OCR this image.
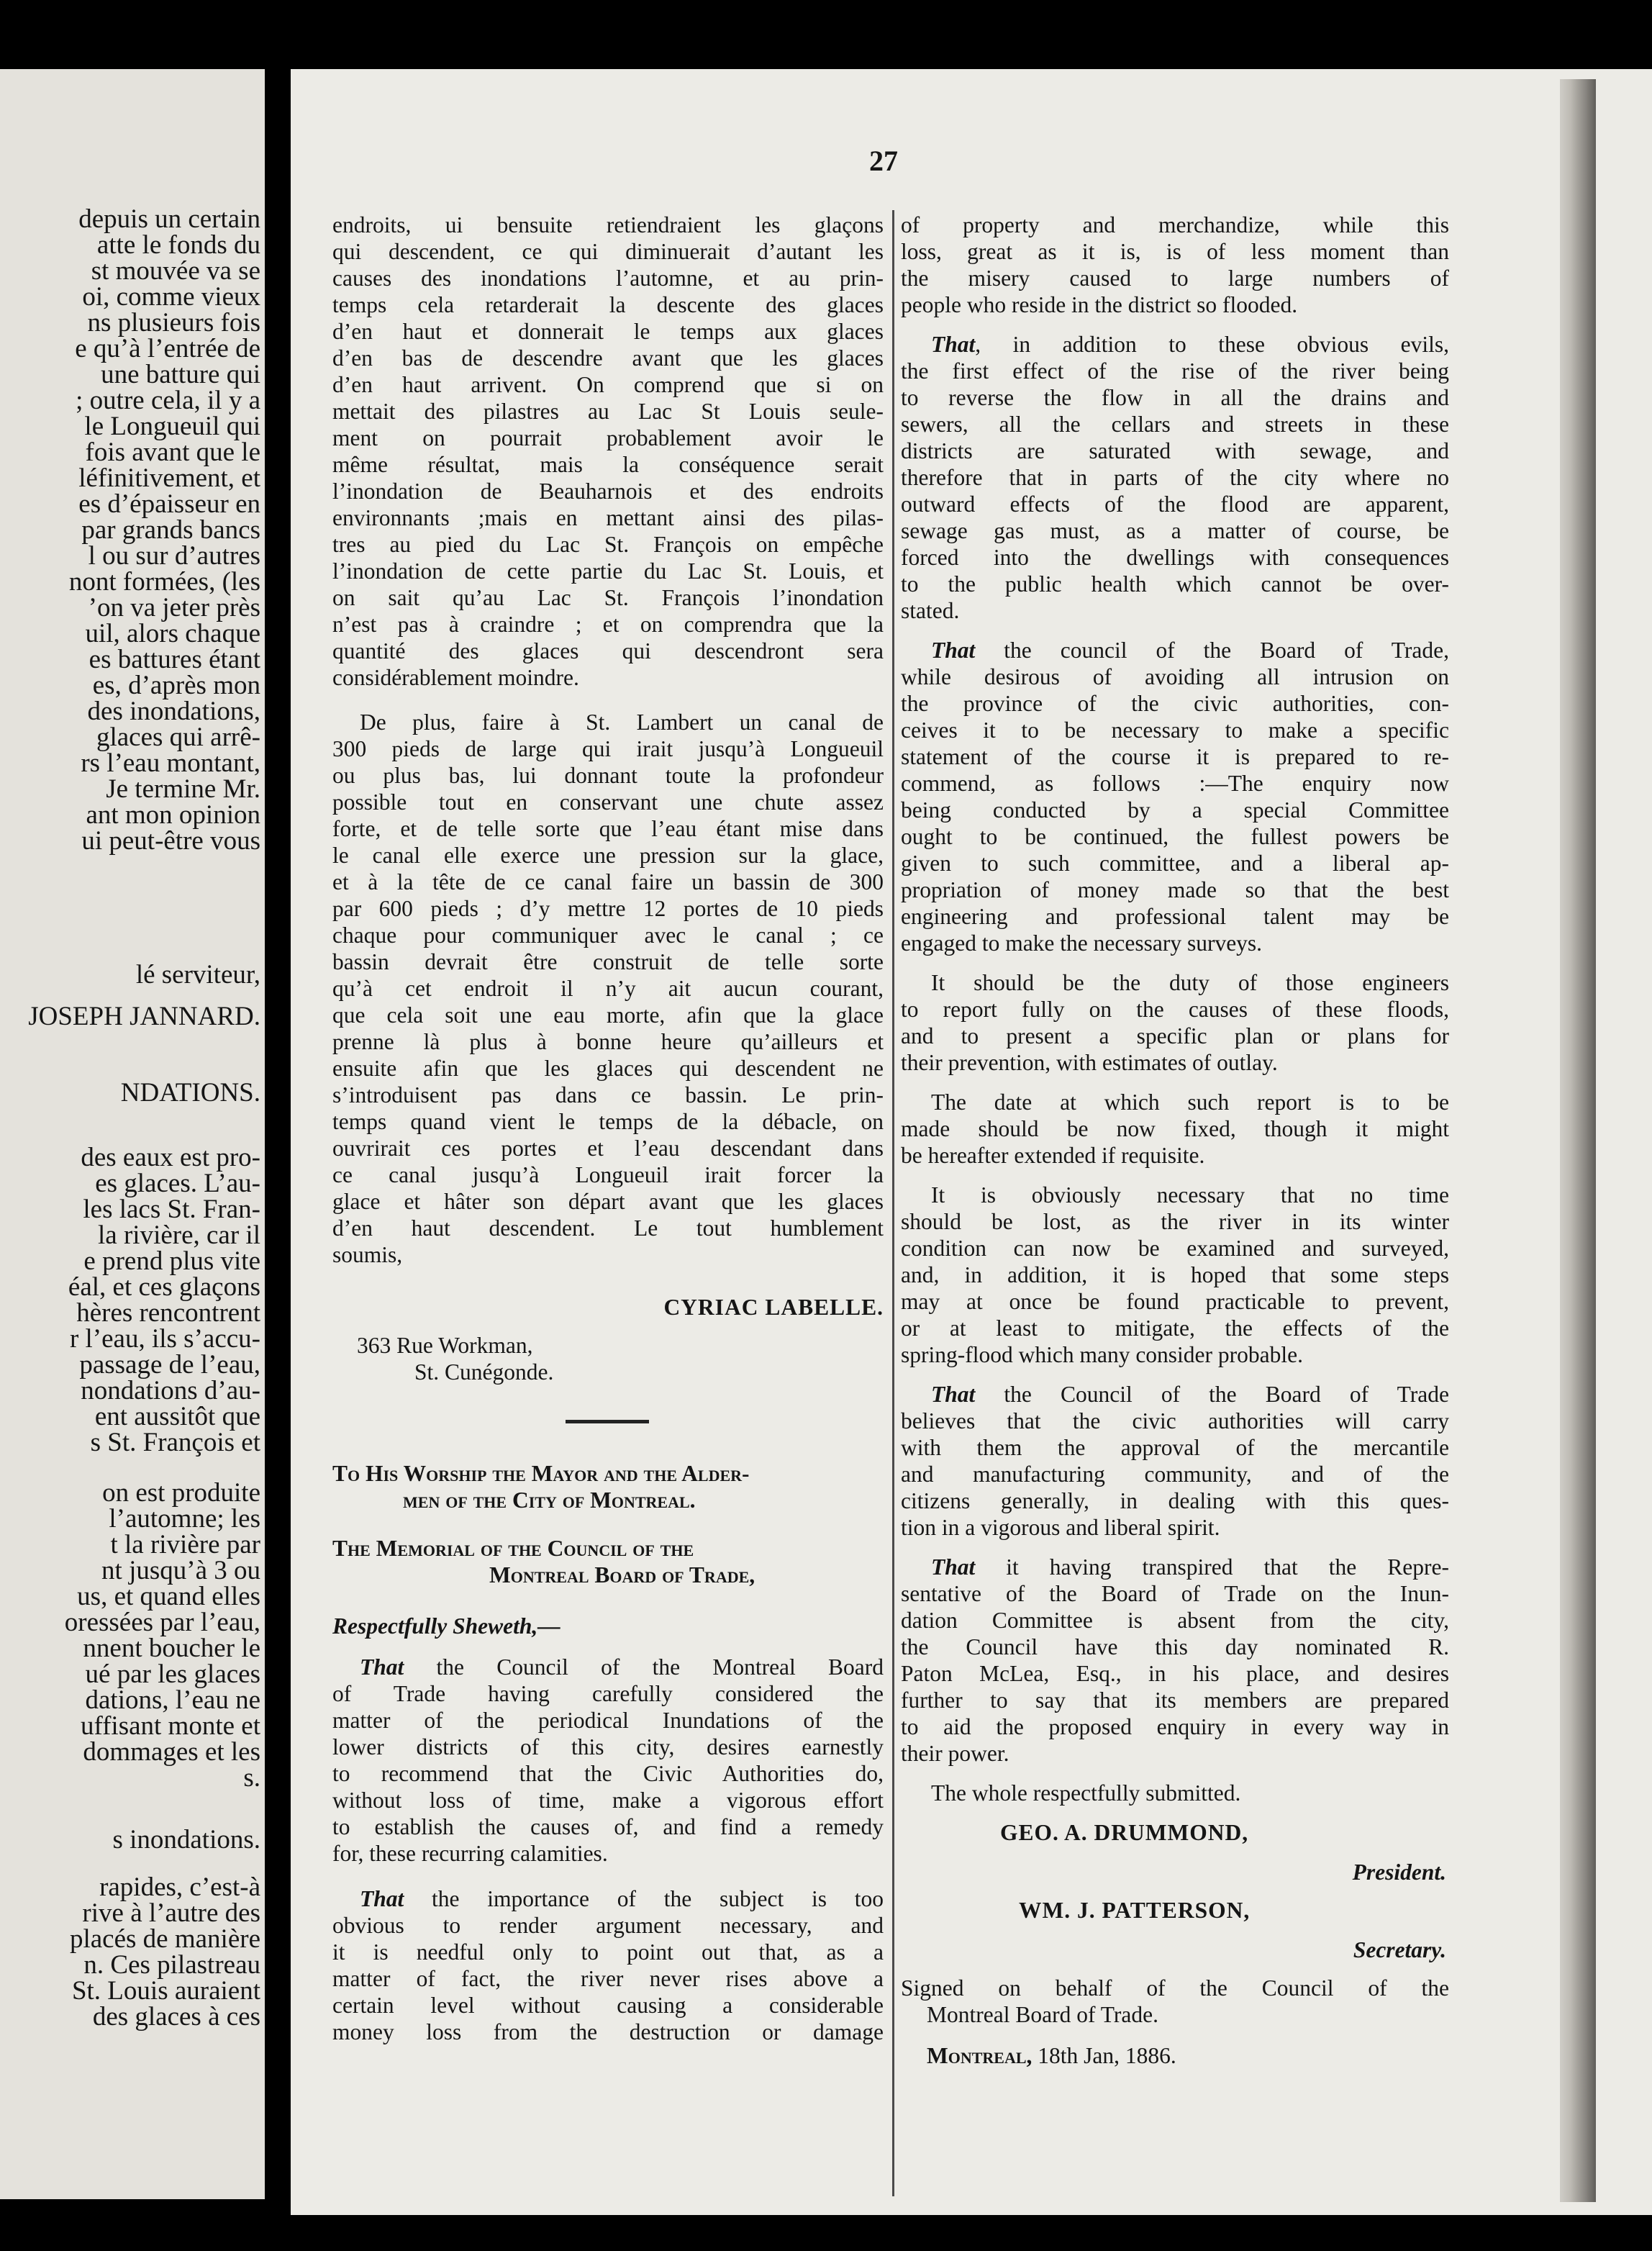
depuis un certain
atte le fonds du
st mouvée va se
oi, comme vieux
ns plusieurs fois
e qu’à l’entrée de
une batture qui
; outre cela, il y a
le Longueuil qui
fois avant que le
léfinitivement, et
es d’épaisseur en
par grands bancs
l ou sur d’autres
nont formées, (les
’on va jeter près
uil, alors chaque
es battures étant
es, d’après mon
des inondations,
glaces qui arrê-
rs l’eau montant,
Je termine Mr.
ant mon opinion
ui peut-être vous
lé serviteur,
JOSEPH JANNARD.
NDATIONS.
des eaux est pro-
es glaces. L’au-
les lacs St. Fran-
la rivière, car il
e prend plus vite
éal, et ces glaçons
hères rencontrent
r l’eau, ils s’accu-
passage de l’eau,
nondations d’au-
ent aussitôt que
s St. François et
on est produite
l’automne; les
t la rivière par
nt jusqu’à 3 ou
us, et quand elles
oressées par l’eau,
nnent boucher le
ué par les glaces
dations, l’eau ne
uffisant monte et
dommages et les
s.
s inondations.
rapides, c’est-à
rive à l’autre des
placés de manière
n. Ces pilastreau
St. Louis auraient
des glaces à ces
27
endroits, ui bensuite retiendraient les glaçons
qui descendent, ce qui diminuerait d’autant les
causes des inondations l’automne, et au prin-
temps cela retarderait la descente des glaces
d’en haut et donnerait le temps aux glaces
d’en bas de descendre avant que les glaces
d’en haut arrivent. On comprend que si on
mettait des pilastres au Lac St Louis seule-
ment on pourrait probablement avoir le
même résultat, mais la conséquence serait
l’inondation de Beauharnois et des endroits
environnants ;mais en mettant ainsi des pilas-
tres au pied du Lac St. François on empêche
l’inondation de cette partie du Lac St. Louis, et
on sait qu’au Lac St. François l’inondation
n’est pas à craindre ; et on comprendra que la
quantité des glaces qui descendront sera
considérablement moindre.
De plus, faire à St. Lambert un canal de
300 pieds de large qui irait jusqu’à Longueuil
ou plus bas, lui donnant toute la profondeur
possible tout en conservant une chute assez
forte, et de telle sorte que l’eau étant mise dans
le canal elle exerce une pression sur la glace,
et à la tête de ce canal faire un bassin de 300
par 600 pieds ; d’y mettre 12 portes de 10 pieds
chaque pour communiquer avec le canal ; ce
bassin devrait être construit de telle sorte
qu’à cet endroit il n’y ait aucun courant,
que cela soit une eau morte, afin que la glace
prenne là plus à bonne heure qu’ailleurs et
ensuite afin que les glaces qui descendent ne
s’introduisent pas dans ce bassin. Le prin-
temps quand vient le temps de la débacle, on
ouvrirait ces portes et l’eau descendant dans
ce canal jusqu’à Longueuil irait forcer la
glace et hâter son départ avant que les glaces
d’en haut descendent. Le tout humblement
soumis,
CYRIAC LABELLE.
363 Rue Workman,
St. Cunégonde.
To His Worship the Mayor and the Alder-
men of the City of Montreal.
The Memorial of the Council of the
Montreal Board of Trade,
Respectfully Sheweth,—
That the Council of the Montreal Board
of Trade having carefully considered the
matter of the periodical Inundations of the
lower districts of this city, desires earnestly
to recommend that the Civic Authorities do,
without loss of time, make a vigorous effort
to establish the causes of, and find a remedy
for, these recurring calamities.
That the importance of the subject is too
obvious to render argument necessary, and
it is needful only to point out that, as a
matter of fact, the river never rises above a
certain level without causing a considerable
money loss from the destruction or damage
of property and merchandize, while this
loss, great as it is, is of less moment than
the misery caused to large numbers of
people who reside in the district so flooded.
That, in addition to these obvious evils,
the first effect of the rise of the river being
to reverse the flow in all the drains and
sewers, all the cellars and streets in these
districts are saturated with sewage, and
therefore that in parts of the city where no
outward effects of the flood are apparent,
sewage gas must, as a matter of course, be
forced into the dwellings with consequences
to the public health which cannot be over-
stated.
That the council of the Board of Trade,
while desirous of avoiding all intrusion on
the province of the civic authorities, con-
ceives it to be necessary to make a specific
statement of the course it is prepared to re-
commend, as follows :—The enquiry now
being conducted by a special Committee
ought to be continued, the fullest powers be
given to such committee, and a liberal ap-
propriation of money made so that the best
engineering and professional talent may be
engaged to make the necessary surveys.
It should be the duty of those engineers
to report fully on the causes of these floods,
and to present a specific plan or plans for
their prevention, with estimates of outlay.
The date at which such report is to be
made should be now fixed, though it might
be hereafter extended if requisite.
It is obviously necessary that no time
should be lost, as the river in its winter
condition can now be examined and surveyed,
and, in addition, it is hoped that some steps
may at once be found practicable to prevent,
or at least to mitigate, the effects of the
spring-flood which many consider probable.
That the Council of the Board of Trade
believes that the civic authorities will carry
with them the approval of the mercantile
and manufacturing community, and of the
citizens generally, in dealing with this ques-
tion in a vigorous and liberal spirit.
That it having transpired that the Repre-
sentative of the Board of Trade on the Inun-
dation Committee is absent from the city,
the Council have this day nominated R.
Paton McLea, Esq., in his place, and desires
further to say that its members are prepared
to aid the proposed enquiry in every way in
their power.
The whole respectfully submitted.
GEO. A. DRUMMOND,
President.
WM. J. PATTERSON,
Secretary.
Signed on behalf of the Council of the
Montreal Board of Trade.
Montreal, 18th Jan, 1886.
